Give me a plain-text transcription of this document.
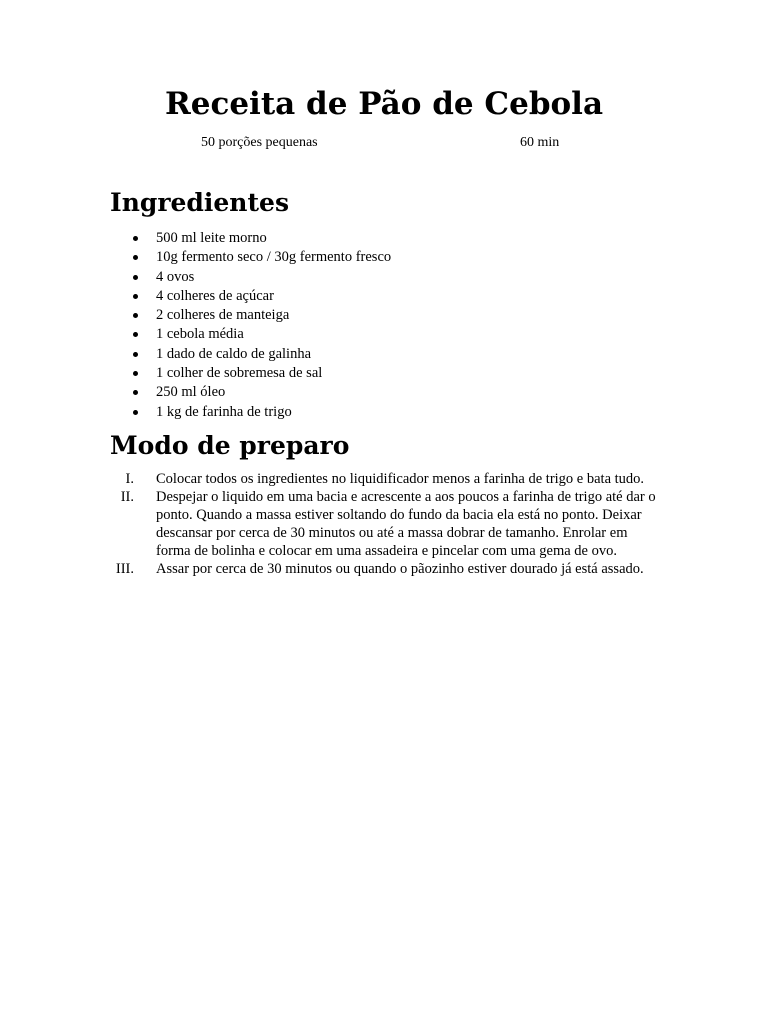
Receita de Pão de Cebola
50 porções pequenas	60 min
Ingredientes
500 ml leite morno
10g fermento seco / 30g fermento fresco
4 ovos
4 colheres de açúcar
2 colheres de manteiga
1 cebola média
1 dado de caldo de galinha
1 colher de sobremesa de sal
250 ml óleo
1 kg de farinha de trigo
Modo de preparo
I. Colocar todos os ingredientes no liquidificador menos a farinha de trigo e bata tudo.
II. Despejar o liquido em uma bacia e acrescente a aos poucos a farinha de trigo até dar o ponto. Quando a massa estiver soltando do fundo da bacia ela está no ponto. Deixar descansar por cerca de 30 minutos ou até a massa dobrar de tamanho. Enrolar em forma de bolinha e colocar em uma assadeira e pincelar com uma gema de ovo.
III. Assar por cerca de 30 minutos ou quando o pãozinho estiver dourado já está assado.
